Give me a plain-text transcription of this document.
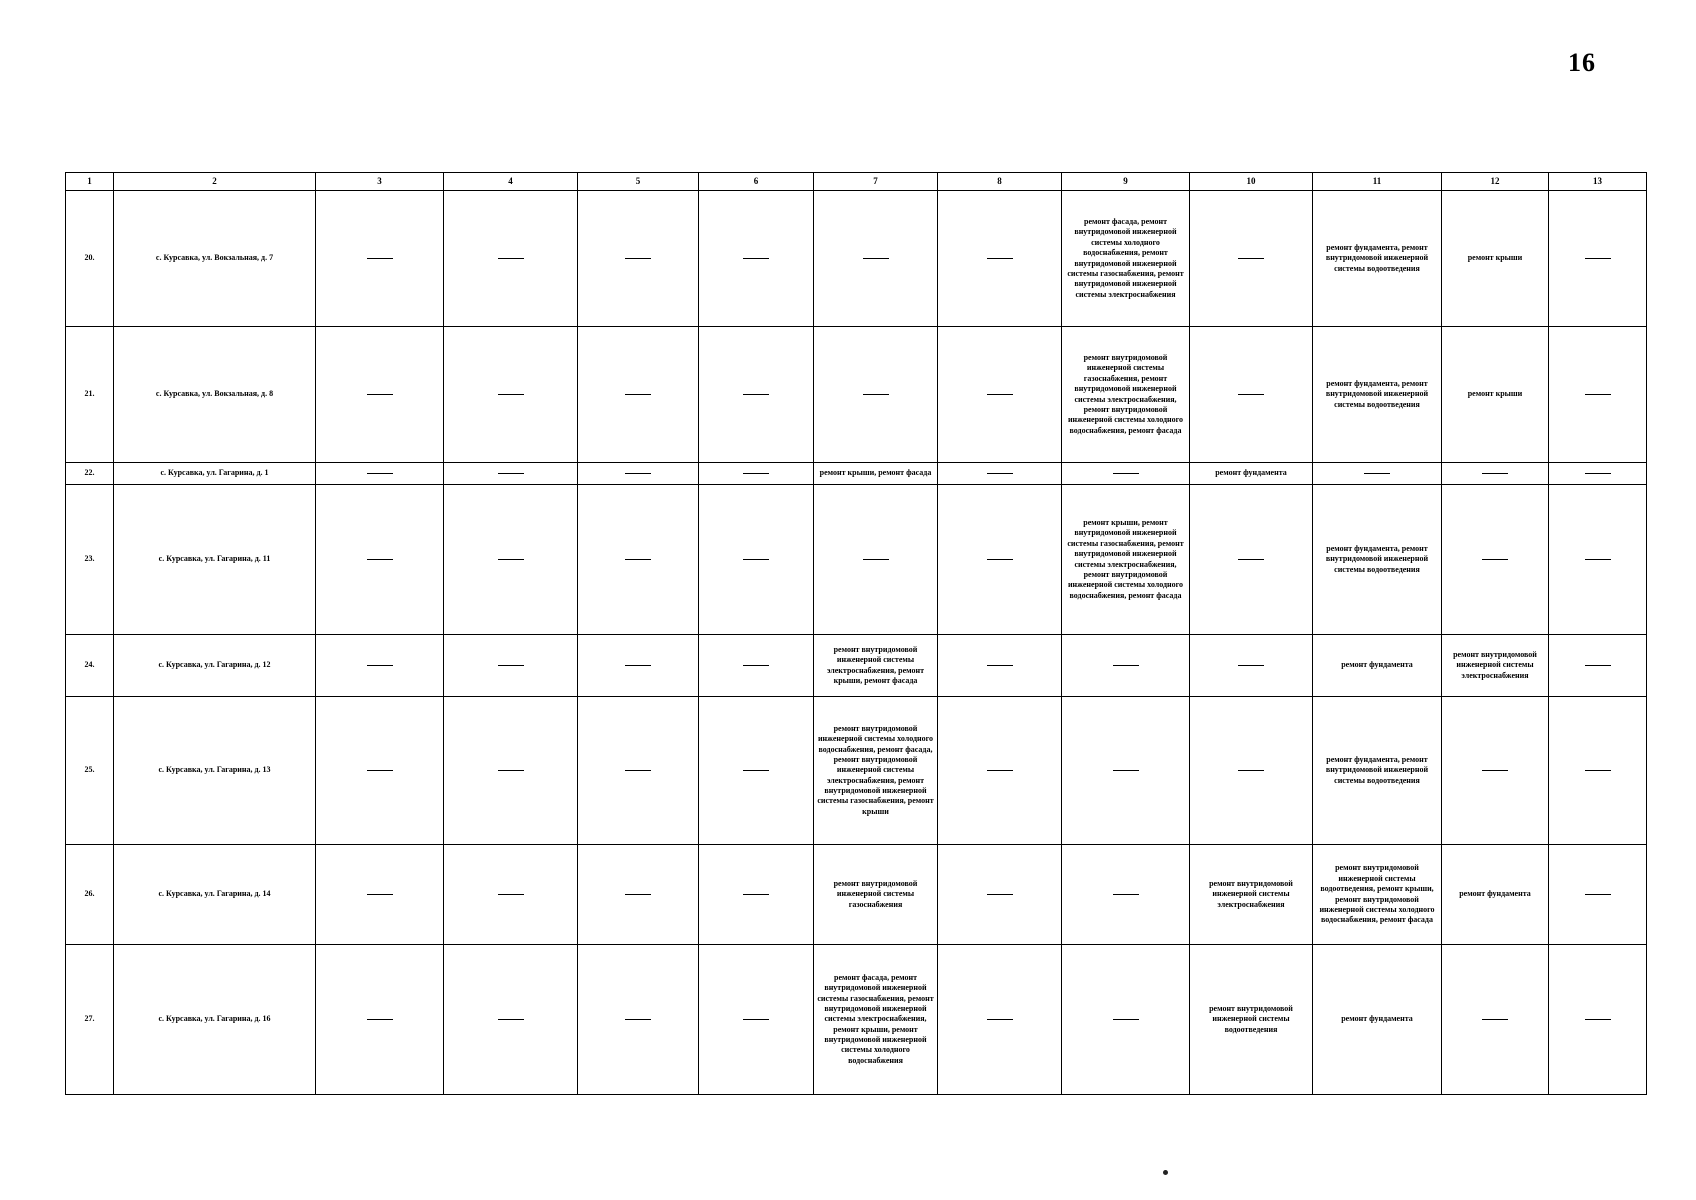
16
1	2	3	4	5	6	7	8	9	10	11	12	13
20.	с. Курсавка, ул. Вокзальная, д. 7							ремонт фасада, ремонт внутридомовой инженерной системы холодного водоснабжения, ремонт внутридомовой инженерной системы газоснабжения, ремонт внутридомовой инженерной системы электроснабжения		ремонт фундамента, ремонт внутридомовой инженерной системы водоотведения	ремонт крыши	
21.	с. Курсавка, ул. Вокзальная, д. 8							ремонт внутридомовой инженерной системы газоснабжения, ремонт внутридомовой инженерной системы электроснабжения, ремонт внутридомовой инженерной системы холодного водоснабжения, ремонт фасада		ремонт фундамента, ремонт внутридомовой инженерной системы водоотведения	ремонт крыши	
22.	с. Курсавка, ул. Гагарина, д. 1					ремонт крыши, ремонт фасада			ремонт фундамента			
23.	с. Курсавка, ул. Гагарина, д. 11							ремонт крыши, ремонт внутридомовой инженерной системы газоснабжения, ремонт внутридомовой инженерной системы электроснабжения, ремонт внутридомовой инженерной системы холодного водоснабжения, ремонт фасада		ремонт фундамента, ремонт внутридомовой инженерной системы водоотведения		
24.	с. Курсавка, ул. Гагарина, д. 12					ремонт внутридомовой инженерной системы электроснабжения, ремонт крыши, ремонт фасада				ремонт фундамента	ремонт внутридомовой инженерной системы электроснабжения	
25.	с. Курсавка, ул. Гагарина, д. 13					ремонт внутридомовой инженерной системы холодного водоснабжения, ремонт фасада, ремонт внутридомовой инженерной системы электроснабжения, ремонт внутридомовой инженерной системы газоснабжения, ремонт крыши				ремонт фундамента, ремонт внутридомовой инженерной системы водоотведения		
26.	с. Курсавка, ул. Гагарина, д. 14					ремонт внутридомовой инженерной системы газоснабжения			ремонт внутридомовой инженерной системы электроснабжения	ремонт внутридомовой инженерной системы водоотведения, ремонт крыши, ремонт внутридомовой инженерной системы холодного водоснабжения, ремонт фасада	ремонт фундамента	
27.	с. Курсавка, ул. Гагарина, д. 16					ремонт фасада, ремонт внутридомовой инженерной системы газоснабжения, ремонт внутридомовой инженерной системы электроснабжения, ремонт крыши, ремонт внутридомовой инженерной системы холодного водоснабжения			ремонт внутридомовой инженерной системы водоотведения	ремонт фундамента		
